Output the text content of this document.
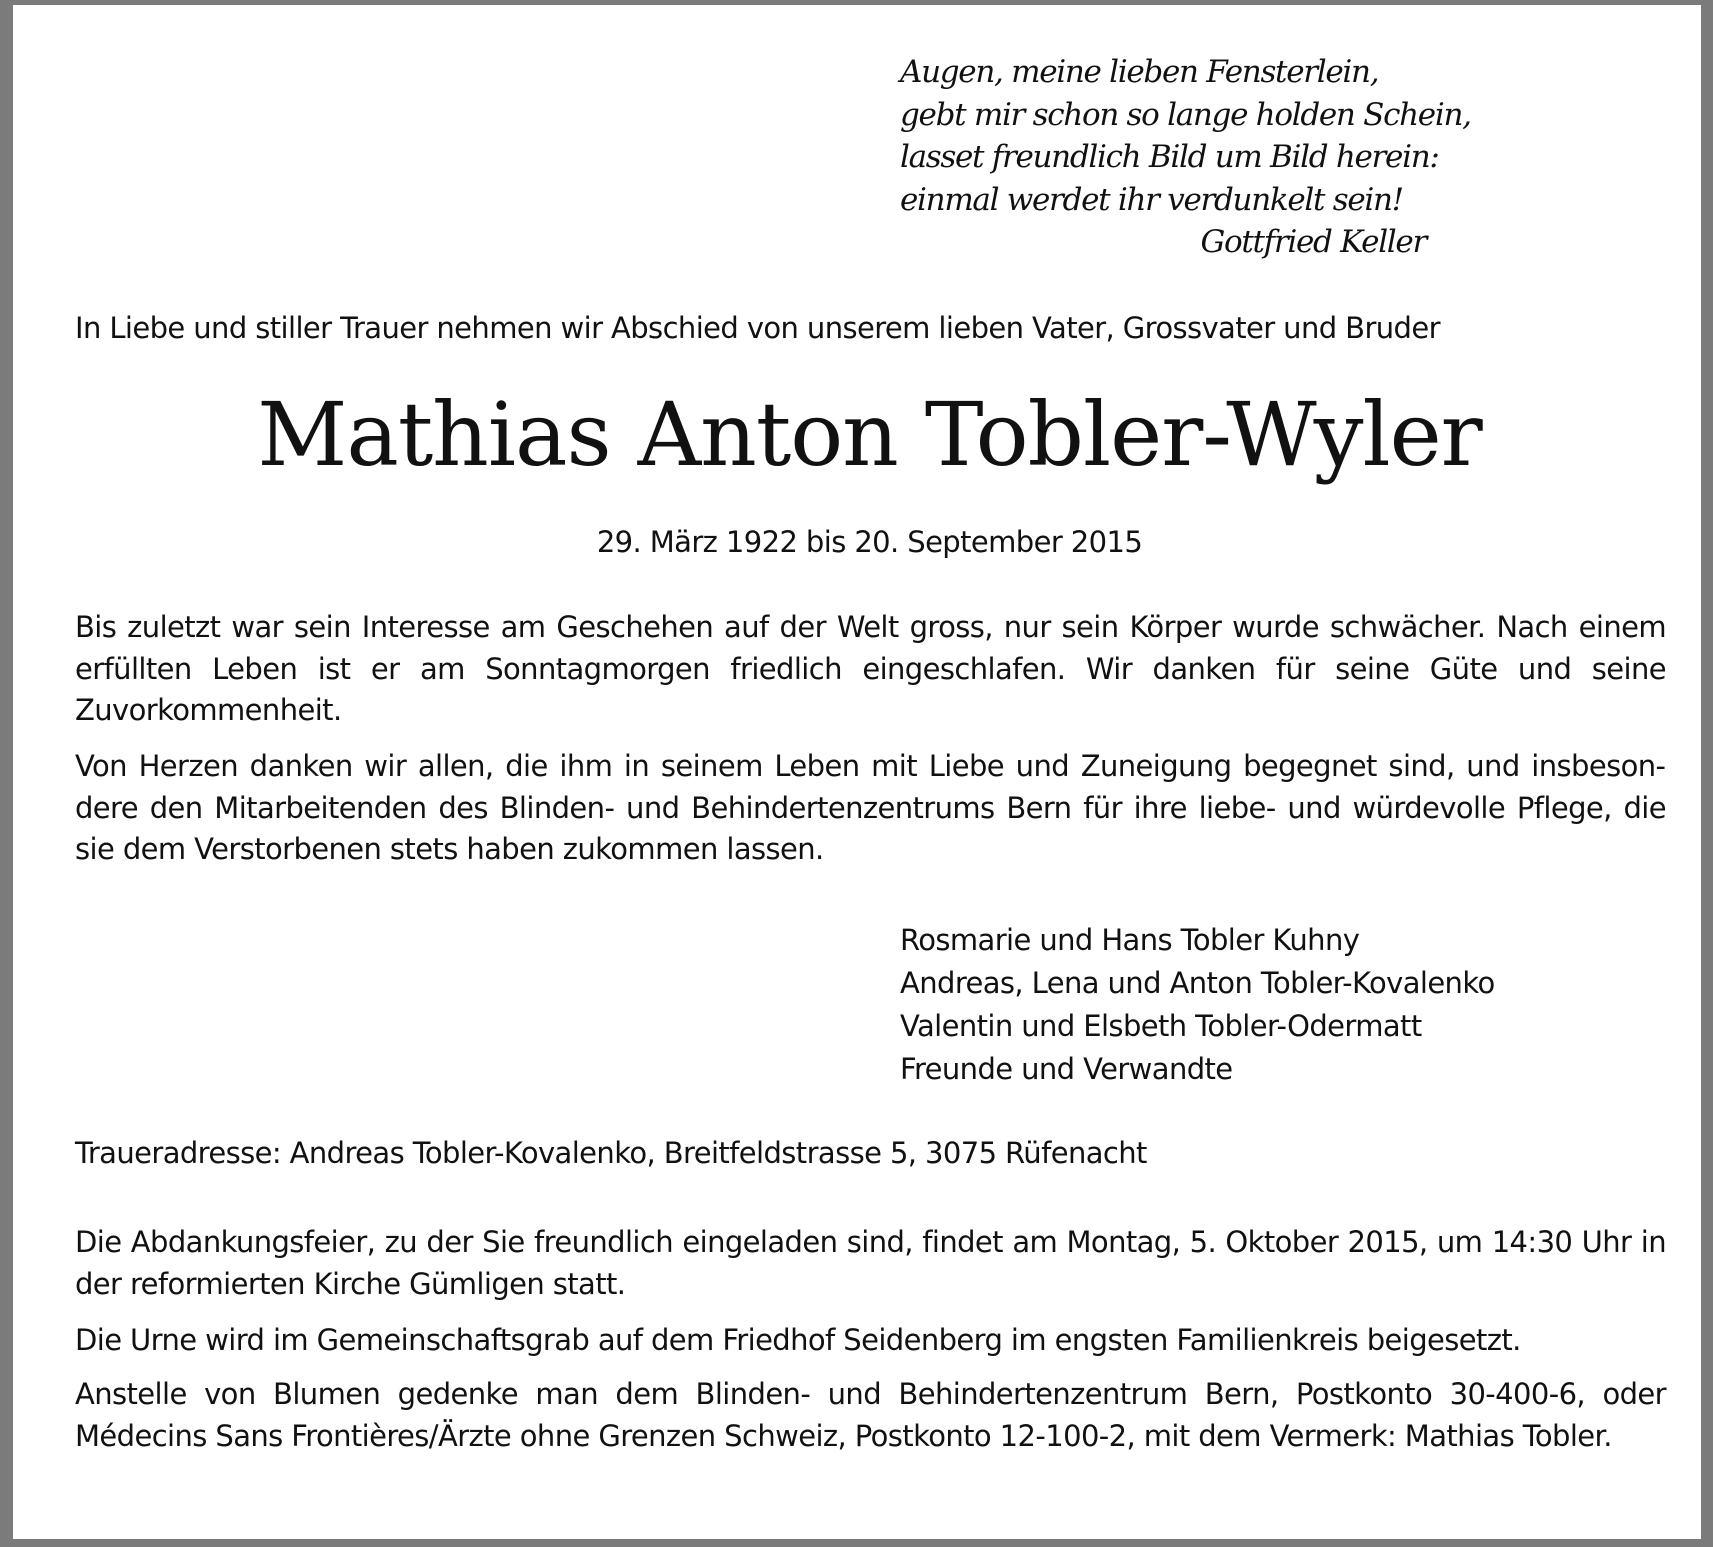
Augen, meine lieben Fensterlein,
gebt mir schon so lange holden Schein,
lasset freundlich Bild um Bild herein:
einmal werdet ihr verdunkelt sein!
Gottfried Keller
In Liebe und stiller Trauer nehmen wir Abschied von unserem lieben Vater, Grossvater und Bruder
Mathias Anton Tobler-Wyler
29. März 1922 bis 20. September 2015
Bis zuletzt war sein Interesse am Geschehen auf der Welt gross, nur sein Körper wurde schwächer. Nach einem erfüllten Leben ist er am Sonntagmorgen friedlich eingeschlafen. Wir danken für seine Güte und seine Zuvorkommenheit.
Von Herzen danken wir allen, die ihm in seinem Leben mit Liebe und Zuneigung begegnet sind, und insbesondere den Mitarbeitenden des Blinden- und Behindertenzentrums Bern für ihre liebe- und würdevolle Pflege, die sie dem Verstorbenen stets haben zukommen lassen.
Rosmarie und Hans Tobler Kuhny
Andreas, Lena und Anton Tobler-Kovalenko
Valentin und Elsbeth Tobler-Odermatt
Freunde und Verwandte
Traueradresse: Andreas Tobler-Kovalenko, Breitfeldstrasse 5, 3075 Rüfenacht
Die Abdankungsfeier, zu der Sie freundlich eingeladen sind, findet am Montag, 5. Oktober 2015, um 14:30 Uhr in der reformierten Kirche Gümligen statt.
Die Urne wird im Gemeinschaftsgrab auf dem Friedhof Seidenberg im engsten Familienkreis beigesetzt.
Anstelle von Blumen gedenke man dem Blinden- und Behindertenzentrum Bern, Postkonto 30-400-6, oder Médecins Sans Frontières/Ärzte ohne Grenzen Schweiz, Postkonto 12-100-2, mit dem Vermerk: Mathias Tobler.
